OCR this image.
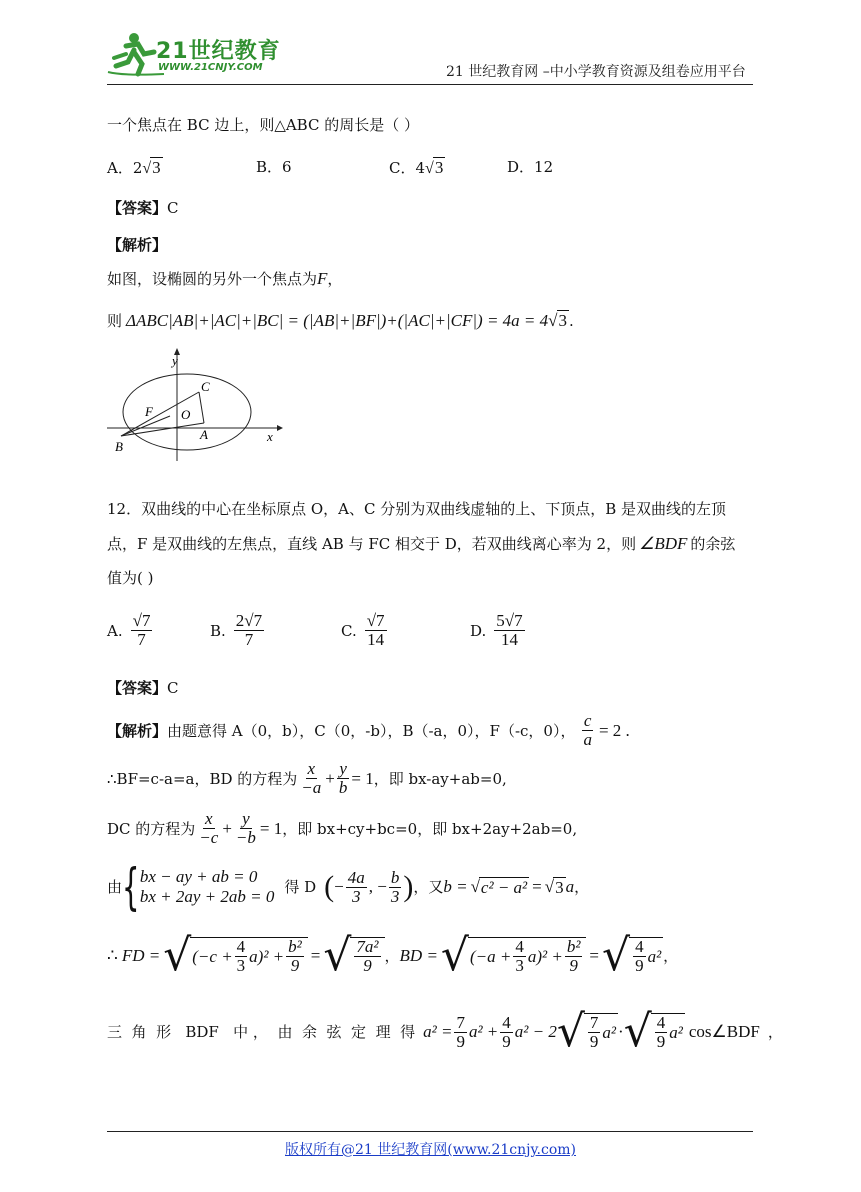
21世纪教育
WWW.21CNJY.COM	21 世纪教育网 –中小学教育资源及组卷应用平台
一个焦点在 BC 边上，则△ABC 的周长是（ ）
A．2√3	B．6	C．4√3	D．12
【答案】C
【解析】
如图，设椭圆的另外一个焦点为F，
则 ΔABC|AB|+|AC|+|BC| = (|AB|+|BF|)+(|AC|+|CF|) = 4a = 4√3 .
y
x
C
F O
A
B
12．双曲线的中心在坐标原点 O，A、C 分别为双曲线虚轴的上、下顶点，B 是双曲线的左顶
点，F 是双曲线的左焦点，直线 AB 与 FC 相交于 D，若双曲线离心率为 2，则 ∠BDF 的余弦
值为( )
A. $\frac{√7}{7}$	B. $\frac{2√7}{7}$	C. $\frac{√7}{14}$	D. $\frac{5√7}{14}$
【答案】C
【解析】 由题意得 A（0，b），C（0，-b），B（-a，0），F（-c，0）， $\frac{c}{a} = 2$ .
∴BF=c-a=a，BD 的方程为 $\frac{x}{-a} + \frac{y}{b} = 1$ ，即 bx-ay+ab=0,
DC 的方程为 $\frac{x}{-c} + \frac{y}{-b} = 1$ ，即 bx+cy+bc=0，即 bx+2ay+2ab=0,
由 { bx − ay + ab = 0
bx + 2ay + 2ab = 0 得 D ( − $\frac{4a}{3}$ , − $\frac{b}{3}$ ) ，又 b = √ c² − a² = √ 3 a ，
∴ FD = √ $(-c + \frac{4}{3} a)^2 + \frac{\text{b²}}{9}$ = √ $\frac{\text{7a²}}{9}$ ， BD = √ $(-a + \frac{4}{3} a)^2 + \frac{\text{b²}}{9}$ = √ $\frac{4}{9} a^2$ ，
三  角  形   BDF   中 ，  由  余  弦  定  理  得 $a^2 = \frac{7}{9} a^2 + \frac{4}{9} a^2 - 2$ √ $\frac{7}{9} a^2$ · √ $\frac{4}{9} a^2$ cos∠BDF ，
版权所有@21 世纪教育网(www.21cnjy.com)
